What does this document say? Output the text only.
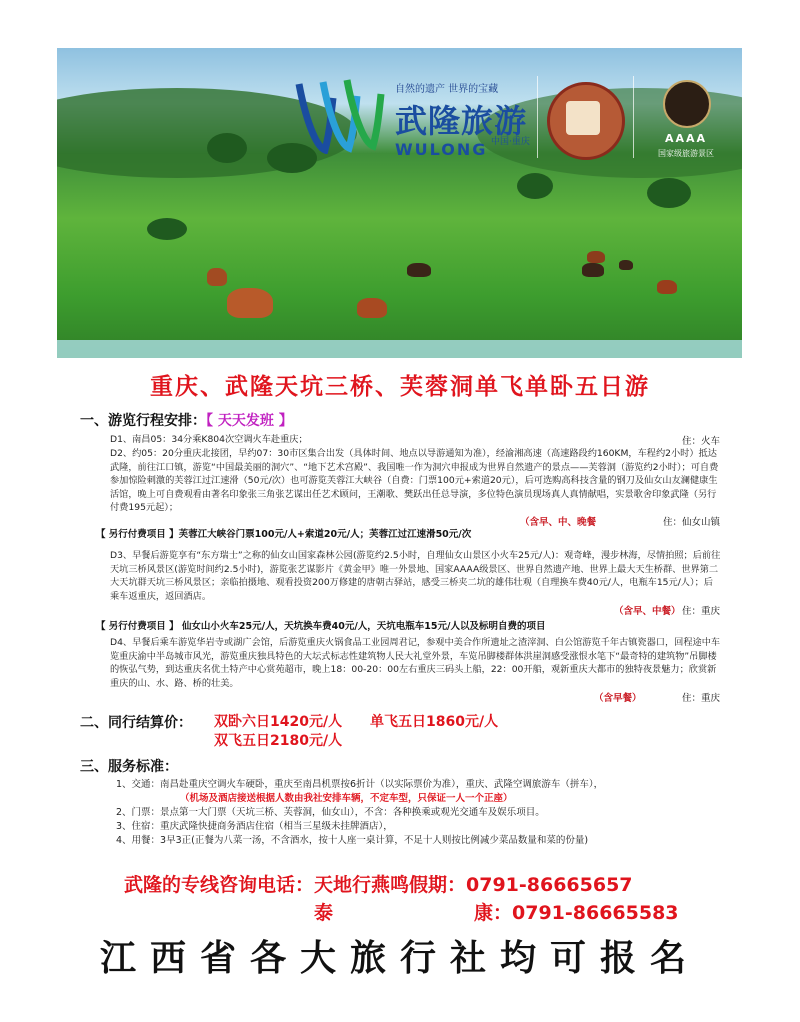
自然的遗产 世界的宝藏
武隆旅游
中国·重庆
WULONG
AAAA
国家级旅游景区
重庆、武隆天坑三桥、芙蓉洞单飞单卧五日游
一、游览行程安排：【 天天发班 】
D1、南昌05：34分乘K804次空调火车赴重庆；	住：火车
D2、约05：20分重庆北接团，早约07：30市区集合出发（具体时间、地点以导游通知为准），经渝湘高速（高速路段约160KM，车程约2小时）抵达武隆，前往江口镇，游览“中国最美丽的洞穴”、“地下艺术宫殿”、我国唯一作为洞穴申报成为世界自然遗产的景点——芙蓉洞（游览约2小时）；可自费参加惊险刺激的芙蓉江过江速滑（50元/次）也可游览芙蓉江大峡谷（自费：门票100元+索道20元），后可选购高科技含量的钢刀及仙女山友澜健康生活馆，晚上可自费观看由著名印象张三角张艺谋出任艺术顾问，王潮歌、樊跃出任总导演，多位特色演员现场真人真情献唱，实景歌舍印象武隆（另行付费195元起）；
（含早、中、晚餐	住：仙女山镇
【 另行付费项目 】芙蓉江大峡谷门票100元/人+索道20元/人；芙蓉江过江速滑50元/次
D3、早餐后游览享有“东方瑞士”之称的仙女山国家森林公园(游览约2.5小时，自理仙女山景区小火车25元/人)：观奇峰，漫步林海，尽情拍照；后前往天坑三桥风景区(游览时间约2.5小时)，游览张艺谋影片《黄金甲》唯一外景地、国家AAAA级景区、世界自然遗产地、世界上最大天生桥群、世界第二大天坑群天坑三桥风景区；亲临拍摄地、观看投资200万修建的唐朝古驿站，感受三桥夹二坑的雄伟壮观（自理换车费40元/人，电瓶车15元/人）；后乘车返重庆，返回酒店。
（含早、中餐） 住：重庆
【 另行付费项目 】 仙女山小火车25元/人，天坑换车费40元/人，天坑电瓶车15元/人以及标明自费的项目
D4、早餐后乘车游览华岩寺或湖广会馆，后游览重庆火锅食品工业园周君记，参观中美合作所遗址之渣滓洞、白公馆游览千年古镇瓷器口，回程途中车览重庆渝中半岛城市风光，游览重庆独具特色的大坛式标志性建筑物人民大礼堂外景，车览吊脚楼群体洪崖洞感受涨恨水笔下“最奇特的建筑物”吊脚楼的恢弘气势，到达重庆名优土特产中心赏苑超市，晚上18：00-20：00左右重庆三码头上船，22：00开船，观新重庆大都市的独特夜景魅力；欣赏新重庆的山、水、路、桥的壮美。
（含早餐）	住：重庆
二、同行结算价： 双卧六日1420元/人 单飞五日1860元/人
双飞五日2180元/人
三、服务标准：
1、交通：南昌赴重庆空调火车硬卧，重庆至南昌机票按6折计（以实际票价为准），重庆、武隆空调旅游车（拼车），
（机场及酒店接送根据人数由我社安排车辆，不定车型，只保证一人一个正座）
2、门票：景点第一大门票（天坑三桥、芙蓉洞，仙女山），不含：各种换乘或观光交通车及娱乐项目。
3、住宿：重庆武隆快捷商务酒店住宿（相当三星级未挂牌酒店），
4、用餐：3早3正(正餐为八菜一汤，不含酒水，按十人座一桌计算，不足十人则按比例减少菜品数量和菜的份量)
武隆的专线咨询电话：天地行燕鸣假期：0791-86665657
泰	康：0791-86665583
江西省各大旅行社均可报名
